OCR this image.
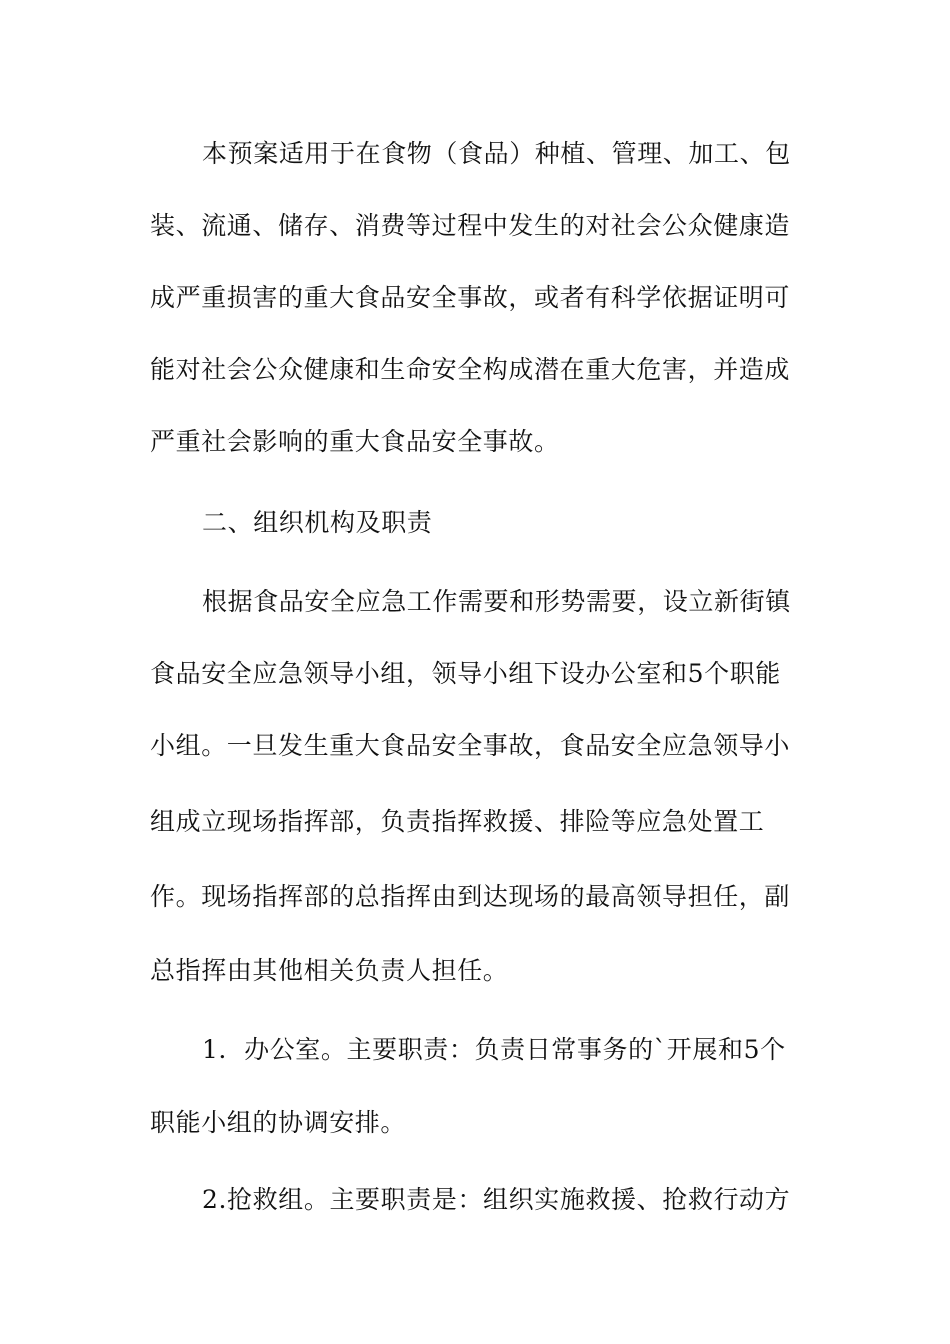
本预案适用于在食物（食品）种植、管理、加工、包
装、流通、储存、消费等过程中发生的对社会公众健康造
成严重损害的重大食品安全事故，或者有科学依据证明可
能对社会公众健康和生命安全构成潜在重大危害，并造成
严重社会影响的重大食品安全事故。
二、组织机构及职责
根据食品安全应急工作需要和形势需要，设立新街镇
食品安全应急领导小组，领导小组下设办公室和5个职能
小组。一旦发生重大食品安全事故，食品安全应急领导小
组成立现场指挥部，负责指挥救援、排险等应急处置工
作。现场指挥部的总指挥由到达现场的最高领导担任，副
总指挥由其他相关负责人担任。
1．办公室。主要职责：负责日常事务的`开展和5个
职能小组的协调安排。
2.抢救组。主要职责是：组织实施救援、抢救行动方
